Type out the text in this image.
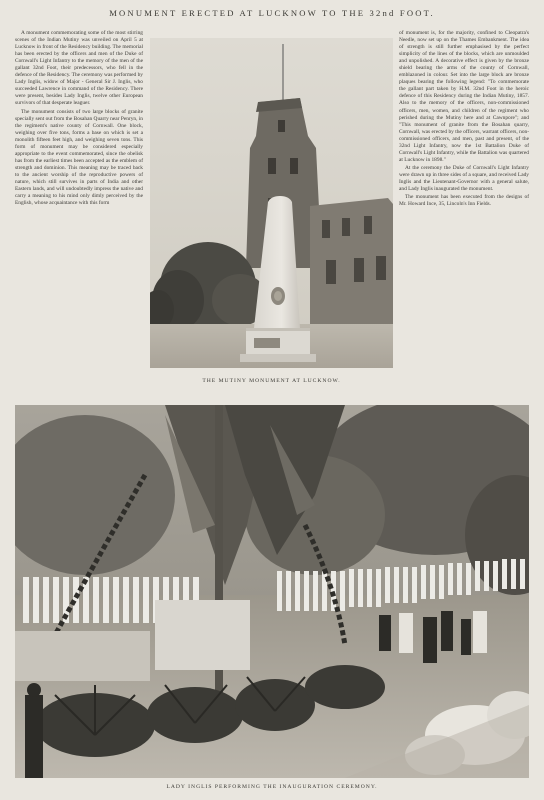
MONUMENT ERECTED AT LUCKNOW TO THE 32nd FOOT.

A monument commemorating some of the most stirring scenes of the Indian Mutiny was unveiled on April 5 at Lucknow in front of the Residency building. The memorial has been erected by the officers and men of the Duke of Cornwall's Light Infantry to the memory of the men of the gallant 32nd Foot, their predecessors, who fell in the defence of the Residency. The ceremony was performed by Lady Inglis, widow of Major - General Sir J. Inglis, who succeeded Lawrence in command of the Residency. There were present, besides Lady Inglis, twelve other European survivors of that desperate leaguer.

The monument consists of two large blocks of granite specially sent out from the Bosahan Quarry near Penryn, in the regiment's native county of Cornwall. One block, weighing over five tons, forms a base on which is set a monolith fifteen feet high, and weighing seven tons. This form of monument may be considered especially appropriate to the event commemorated, since the obelisk has from the earliest times been accepted as the emblem of strength and dominion. This meaning may be traced back to the ancient worship of the reproductive powers of nature, which still survives in parts of India and other Eastern lands, and will undoubtedly impress the native and carry a meaning to his mind only dimly perceived by the English, whose acquaintance with this form

of monument is, for the majority, confined to Cleopatra's Needle, now set up on the Thames Embankment. The idea of strength is still further emphasised by the perfect simplicity of the lines of the blocks, which are unmoulded and unpolished. A decorative effect is given by the bronze shield bearing the arms of the county of Cornwall, emblazoned in colour. Set into the large block are bronze plaques bearing the following legend: "To commemorate the gallant part taken by H.M. 32nd Foot in the heroic defence of this Residency during the Indian Mutiny, 1857. Also to the memory of the officers, non-commissioned officers, men, women, and children of the regiment who perished during the Mutiny here and at Cawnpore"; and "This monument of granite from the Bosahan quarry, Cornwall, was erected by the officers, warrant officers, non-commissioned officers, and men, past and present, of the 32nd Light Infantry, now the 1st Battalion Duke of Cornwall's Light Infantry, while the Battalion was quartered at Lucknow in 1898."

At the ceremony the Duke of Cornwall's Light Infantry were drawn up in three sides of a square, and received Lady Inglis and the Lieutenant-Governor with a general salute, and Lady Inglis inaugurated the monument.

The monument has been executed from the designs of Mr. Howard Ince, 35, Lincoln's Inn Fields.

THE MUTINY MONUMENT AT LUCKNOW.
LADY INGLIS PERFORMING THE INAUGURATION CEREMONY.
